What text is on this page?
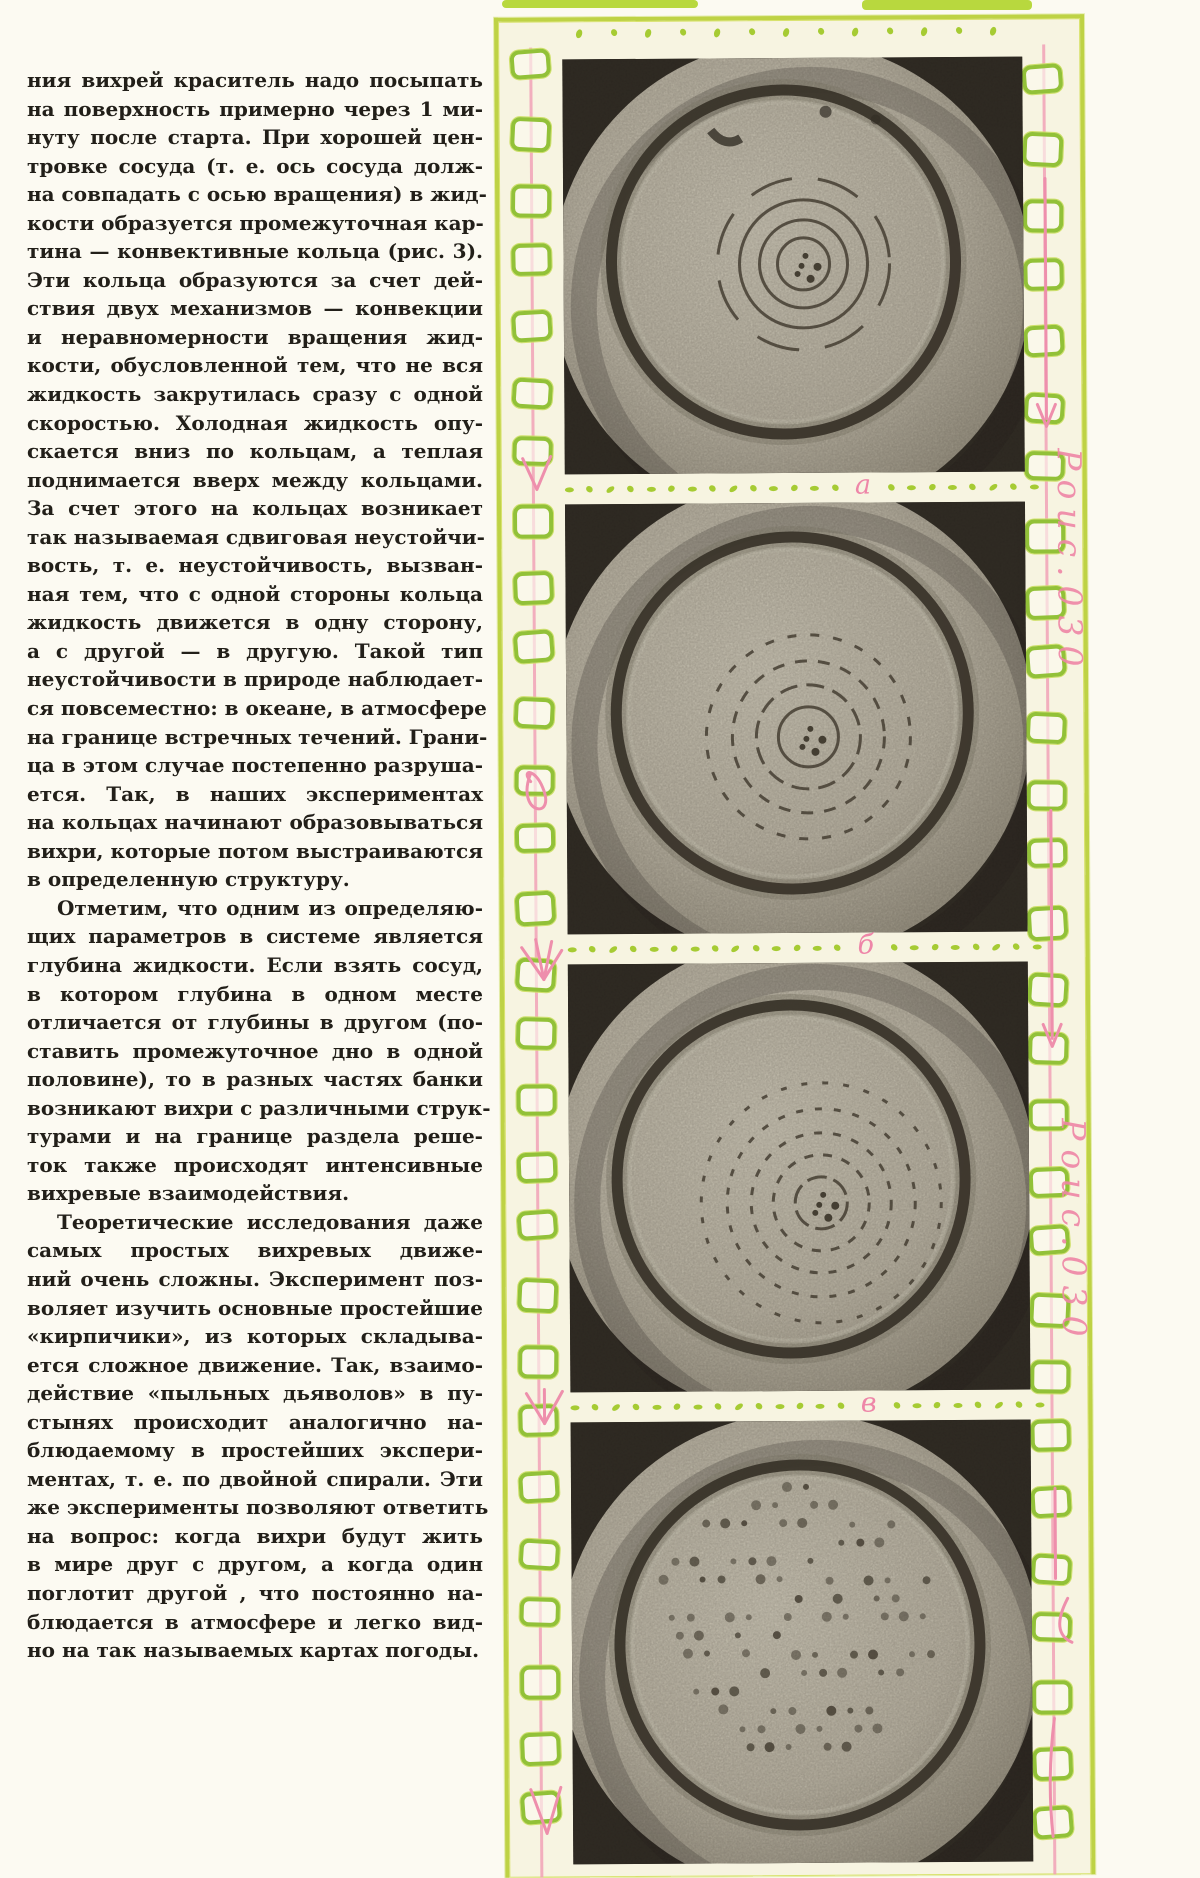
ния вихрей краситель надо посыпать
на поверхность примерно через 1 ми-
нуту после старта. При хорошей цен-
тровке сосуда (т. е. ось сосуда долж-
на совпадать с осью вращения) в жид-
кости образуется промежуточная кар-
тина — конвективные кольца (рис. 3).
Эти кольца образуются за счет дей-
ствия двух механизмов — конвекции
и неравномерности вращения жид-
кости, обусловленной тем, что не вся
жидкость закрутилась сразу с одной
скоростью. Холодная жидкость опу-
скается вниз по кольцам, а теплая
поднимается вверх между кольцами.
За счет этого на кольцах возникает
так называемая сдвиговая неустойчи-
вость, т. е. неустойчивость, вызван-
ная тем, что с одной стороны кольца
жидкость движется в одну сторону,
а с другой — в другую. Такой тип
неустойчивости в природе наблюдает-
ся повсеместно: в океане, в атмосфере
на границе встречных течений. Грани-
ца в этом случае постепенно разруша-
ется. Так, в наших экспериментах
на кольцах начинают образовываться
вихри, которые потом выстраиваются
в определенную структуру.
Отметим, что одним из определяю-
щих параметров в системе является
глубина жидкости. Если взять сосуд,
в котором глубина в одном месте
отличается от глубины в другом (по-
ставить промежуточное дно в одной
половине), то в разных частях банки
возникают вихри с различными струк-
турами и на границе раздела реше-
ток также происходят интенсивные
вихревые взаимодействия.
Теоретические исследования даже
самых простых вихревых движе-
ний очень сложны. Эксперимент поз-
воляет изучить основные простейшие
«кирпичики», из которых складыва-
ется сложное движение. Так, взаимо-
действие «пыльных дьяволов» в пу-
стынях происходит аналогично на-
блюдаемому в простейших экспери-
ментах, т. е. по двойной спирали. Эти
же эксперименты позволяют ответить
на вопрос: когда вихри будут жить
в мире друг с другом, а когда один
поглотит другой , что постоянно на-
блюдается в атмосфере и легко вид-
но на так называемых картах погоды.
а
б
в
Роис.030
Роис.030
